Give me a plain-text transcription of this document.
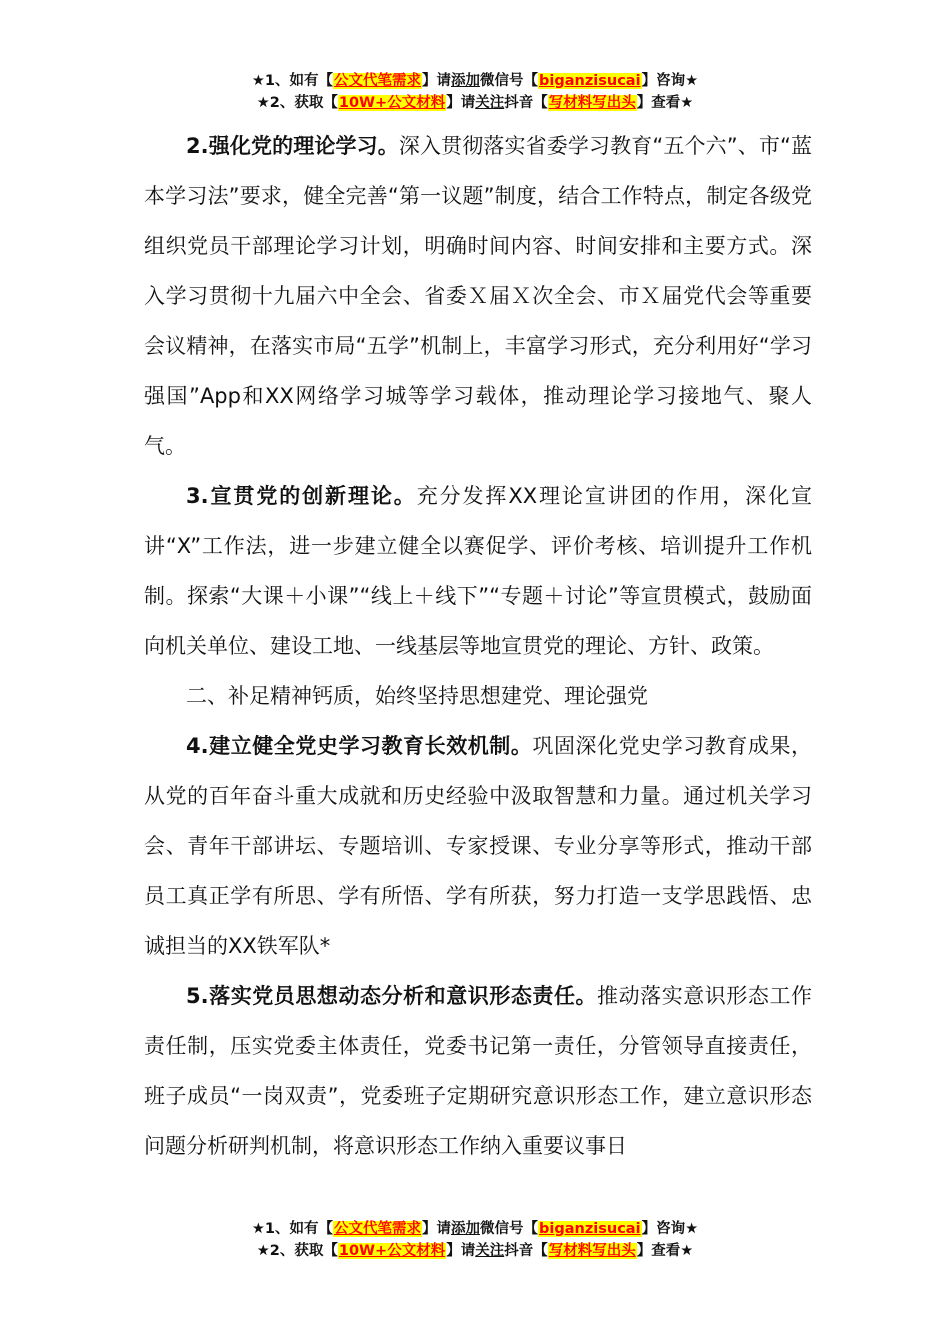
★1、如有【公文代笔需求】请添加微信号【biganzisucai】咨询★
★2、获取【10W+公文材料】请关注抖音【写材料写出头】查看★

2.强化党的理论学习。深入贯彻落实省委学习教育“五个六”、市“蓝本学习法”要求，健全完善“第一议题”制度，结合工作特点，制定各级党组织党员干部理论学习计划，明确时间内容、时间安排和主要方式。深入学习贯彻十九届六中全会、省委Ｘ届Ｘ次全会、市Ｘ届党代会等重要会议精神，在落实市局“五学”机制上，丰富学习形式，充分利用好“学习强国”App和XX网络学习城等学习载体，推动理论学习接地气、聚人气。

3.宣贯党的创新理论。充分发挥XX理论宣讲团的作用，深化宣讲“X”工作法，进一步建立健全以赛促学、评价考核、培训提升工作机制。探索“大课＋小课”“线上＋线下”“专题＋讨论”等宣贯模式，鼓励面向机关单位、建设工地、一线基层等地宣贯党的理论、方针、政策。

二、补足精神钙质，始终坚持思想建党、理论强党

4.建立健全党史学习教育长效机制。巩固深化党史学习教育成果，从党的百年奋斗重大成就和历史经验中汲取智慧和力量。通过机关学习会、青年干部讲坛、专题培训、专家授课、专业分享等形式，推动干部员工真正学有所思、学有所悟、学有所获，努力打造一支学思践悟、忠诚担当的XX铁军队*

5.落实党员思想动态分析和意识形态责任。推动落实意识形态工作责任制，压实党委主体责任，党委书记第一责任，分管领导直接责任，班子成员“一岗双责”，党委班子定期研究意识形态工作，建立意识形态问题分析研判机制，将意识形态工作纳入重要议事日

★1、如有【公文代笔需求】请添加微信号【biganzisucai】咨询★
★2、获取【10W+公文材料】请关注抖音【写材料写出头】查看★
